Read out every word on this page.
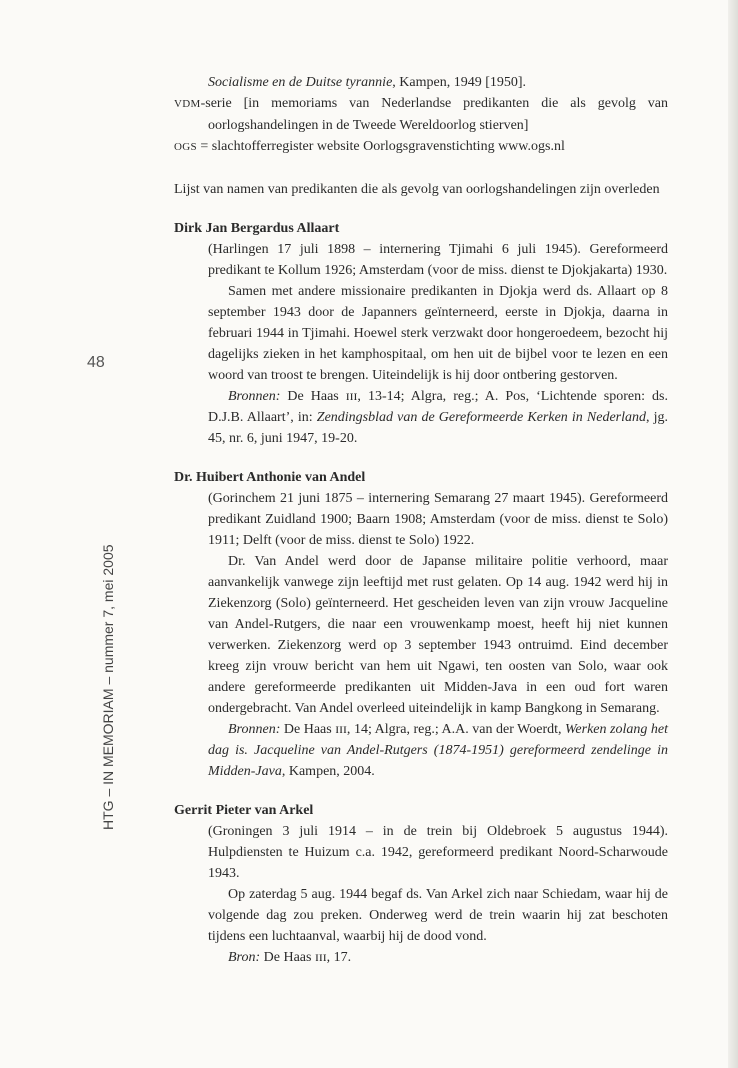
48
HTG – IN MEMORIAM – nummer 7, mei 2005

Socialisme en de Duitse tyrannie, Kampen, 1949 [1950].

VDM-serie [in memoriams van Nederlandse predikanten die als gevolg van oorlogshandelingen in de Tweede Wereldoorlog stierven]

OGS = slachtofferregister website Oorlogsgravenstichting www.ogs.nl

Lijst van namen van predikanten die als gevolg van oorlogshandelingen zijn overleden

Dirk Jan Bergardus Allaart

(Harlingen 17 juli 1898 – internering Tjimahi 6 juli 1945). Gereformeerd predikant te Kollum 1926; Amsterdam (voor de miss. dienst te Djokjakarta) 1930.

Samen met andere missionaire predikanten in Djokja werd ds. Allaart op 8 september 1943 door de Japanners geïnterneerd, eerste in Djokja, daarna in februari 1944 in Tjimahi. Hoewel sterk verzwakt door hongeroedeem, bezocht hij dagelijks zieken in het kamphospitaal, om hen uit de bijbel voor te lezen en een woord van troost te brengen. Uiteindelijk is hij door ontbering gestorven.

Bronnen: De Haas ɪɪɪ, 13-14; Algra, reg.; A. Pos, ‘Lichtende sporen: ds. D.J.B. Allaart’, in: Zendingsblad van de Gereformeerde Kerken in Nederland, jg. 45, nr. 6, juni 1947, 19-20.

Dr. Huibert Anthonie van Andel

(Gorinchem 21 juni 1875 – internering Semarang 27 maart 1945). Gereformeerd predikant Zuidland 1900; Baarn 1908; Amsterdam (voor de miss. dienst te Solo) 1911; Delft (voor de miss. dienst te Solo) 1922.

Dr. Van Andel werd door de Japanse militaire politie verhoord, maar aanvankelijk vanwege zijn leeftijd met rust gelaten. Op 14 aug. 1942 werd hij in Ziekenzorg (Solo) geïnterneerd. Het gescheiden leven van zijn vrouw Jacqueline van Andel-Rutgers, die naar een vrouwenkamp moest, heeft hij niet kunnen verwerken. Ziekenzorg werd op 3 september 1943 ontruimd. Eind december kreeg zijn vrouw bericht van hem uit Ngawi, ten oosten van Solo, waar ook andere gereformeerde predikanten uit Midden-Java in een oud fort waren ondergebracht. Van Andel overleed uiteindelijk in kamp Bangkong in Semarang.

Bronnen: De Haas ɪɪɪ, 14; Algra, reg.; A.A. van der Woerdt, Werken zolang het dag is. Jacqueline van Andel-Rutgers (1874-1951) gereformeerd zendelinge in Midden-Java, Kampen, 2004.

Gerrit Pieter van Arkel

(Groningen 3 juli 1914 – in de trein bij Oldebroek 5 augustus 1944). Hulpdiensten te Huizum c.a. 1942, gereformeerd predikant Noord-Scharwoude 1943.

Op zaterdag 5 aug. 1944 begaf ds. Van Arkel zich naar Schiedam, waar hij de volgende dag zou preken. Onderweg werd de trein waarin hij zat beschoten tijdens een luchtaanval, waarbij hij de dood vond.

Bron: De Haas ɪɪɪ, 17.
